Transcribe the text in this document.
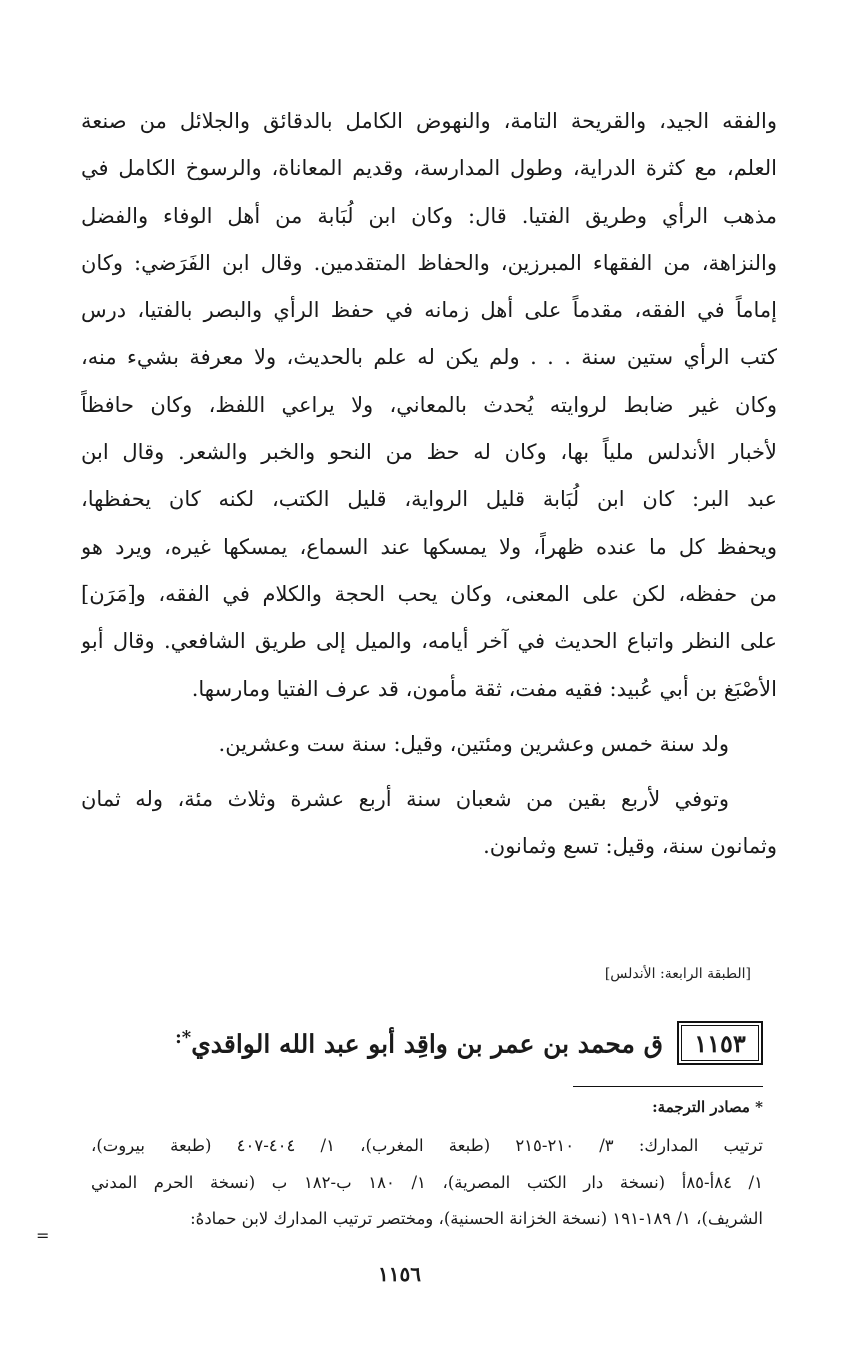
والفقه الجيد، والقريحة التامة، والنهوض الكامل بالدقائق والجلائل من صنعة
العلم، مع كثرة الدراية، وطول المدارسة، وقديم المعاناة، والرسوخ الكامل في
مذهب الرأي وطريق الفتيا. قال: وكان ابن لُبَابة من أهل الوفاء والفضل
والنزاهة، من الفقهاء المبرزين، والحفاظ المتقدمين. وقال ابن الفَرَضي: وكان
إماماً في الفقه، مقدماً على أهل زمانه في حفظ الرأي والبصر بالفتيا، درس
كتب الرأي ستين سنة . . . ولم يكن له علم بالحديث، ولا معرفة بشيء منه،
وكان غير ضابط لروايته يُحدث بالمعاني، ولا يراعي اللفظ، وكان حافظاً
لأخبار الأندلس ملياً بها، وكان له حظ من النحو والخبر والشعر. وقال ابن
عبد البر: كان ابن لُبَابة قليل الرواية، قليل الكتب، لكنه كان يحفظها،
ويحفظ كل ما عنده ظهراً، ولا يمسكها عند السماع، يمسكها غيره، ويرد هو
من حفظه، لكن على المعنى، وكان يحب الحجة والكلام في الفقه، و[مَرَن]
على النظر واتباع الحديث في آخر أيامه، والميل إلى طريق الشافعي. وقال أبو
الأصْبَغ بن أبي عُبيد: فقيه مفت، ثقة مأمون، قد عرف الفتيا ومارسها.

ولد سنة خمس وعشرين ومئتين، وقيل: سنة ست وعشرين.

وتوفي لأربع بقين من شعبان سنة أربع عشرة وثلاث مئة، وله ثمان
وثمانون سنة، وقيل: تسع وثمانون.

[الطبقة الرابعة: الأندلس]
١١٥٣
ق محمد بن عمر بن واقِد أبو عبد الله الواقدي*:
* مصادر الترجمة:
ترتيب المدارك: ٣/ ٢١٠-٢١٥ (طبعة المغرب)، ١/ ٤٠٤-٤٠٧ (طبعة بيروت)،
١/ ٨٤أ-٨٥أ (نسخة دار الكتب المصرية)، ١/ ١٨٠ ب-١٨٢ ب (نسخة الحرم المدني
الشريف)، ١/ ١٨٩-١٩١ (نسخة الخزانة الحسنية)، ومختصر ترتيب المدارك لابن حمادهُ:
=
١١٥٦
